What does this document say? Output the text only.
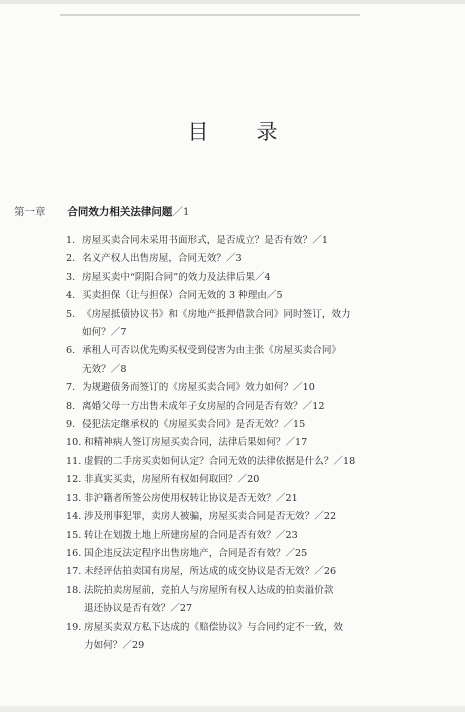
目录
第一章 合同效力相关法律问题／1
1. 房屋买卖合同未采用书面形式，是否成立？是否有效？／1
2. 名义产权人出售房屋，合同无效？／3
3. 房屋买卖中“阴阳合同”的效力及法律后果／4
4. 买卖担保（让与担保）合同无效的 3 种理由／5
5. 《房屋抵债协议书》和《房地产抵押借款合同》同时签订，效力
如何？／7
6. 承租人可否以优先购买权受到侵害为由主张《房屋买卖合同》
无效？／8
7. 为规避债务而签订的《房屋买卖合同》效力如何？／10
8. 离婚父母一方出售未成年子女房屋的合同是否有效？／12
9. 侵犯法定继承权的《房屋买卖合同》是否无效？／15
10. 和精神病人签订房屋买卖合同，法律后果如何？／17
11. 虚假的二手房买卖如何认定？合同无效的法律依据是什么？／18
12. 非真实买卖，房屋所有权如何取回？／20
13. 非沪籍者所签公房使用权转让协议是否无效？／21
14. 涉及刑事犯罪，卖房人被骗，房屋买卖合同是否无效？／22
15. 转让在划拨土地上所建房屋的合同是否有效？／23
16. 国企违反法定程序出售房地产，合同是否有效？／25
17. 未经评估拍卖国有房屋，所达成的成交协议是否无效？／26
18. 法院拍卖房屋前，竞拍人与房屋所有权人达成的拍卖溢价款
退还协议是否有效？／27
19. 房屋买卖双方私下达成的《赔偿协议》与合同约定不一致，效
力如何？／29
